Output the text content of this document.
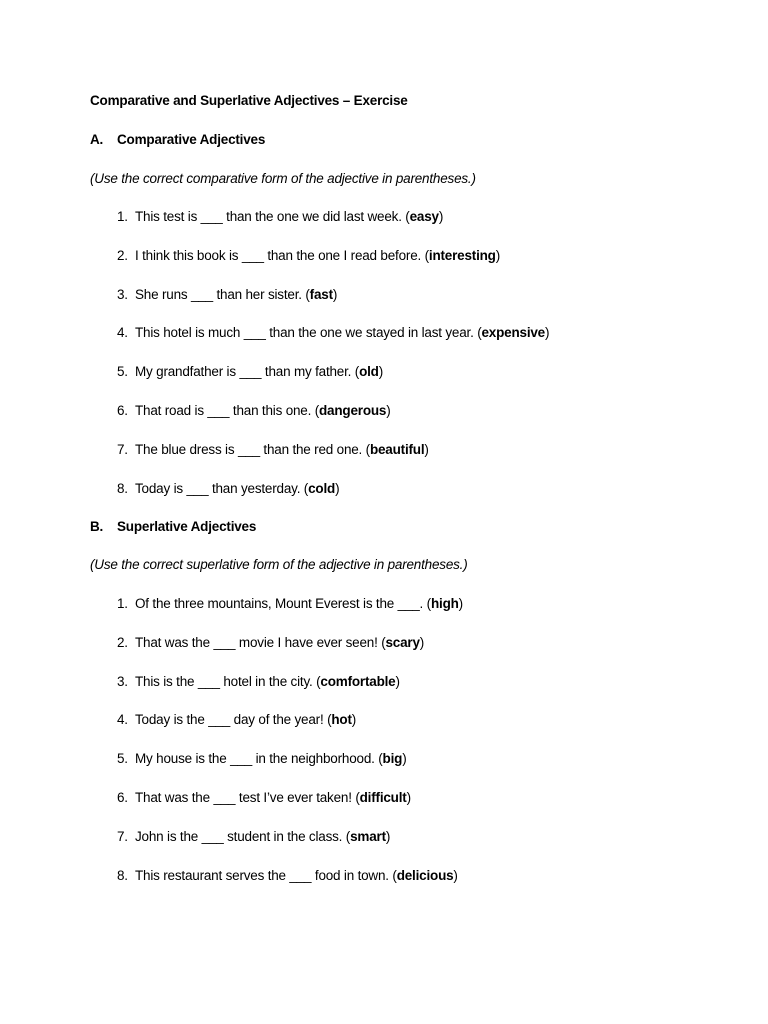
Comparative and Superlative Adjectives – Exercise
A. Comparative Adjectives
(Use the correct comparative form of the adjective in parentheses.)
B. Superlative Adjectives
(Use the correct superlative form of the adjective in parentheses.)
1. This test is ___ than the one we did last week. (easy)
2. I think this book is ___ than the one I read before. (interesting)
3. She runs ___ than her sister. (fast)
4. This hotel is much ___ than the one we stayed in last year. (expensive)
5. My grandfather is ___ than my father. (old)
6. That road is ___ than this one. (dangerous)
7. The blue dress is ___ than the red one. (beautiful)
8. Today is ___ than yesterday. (cold)
1. Of the three mountains, Mount Everest is the ___. (high)
2. That was the ___ movie I have ever seen! (scary)
3. This is the ___ hotel in the city. (comfortable)
4. Today is the ___ day of the year! (hot)
5. My house is the ___ in the neighborhood. (big)
6. That was the ___ test I’ve ever taken! (difficult)
7. John is the ___ student in the class. (smart)
8. This restaurant serves the ___ food in town. (delicious)
